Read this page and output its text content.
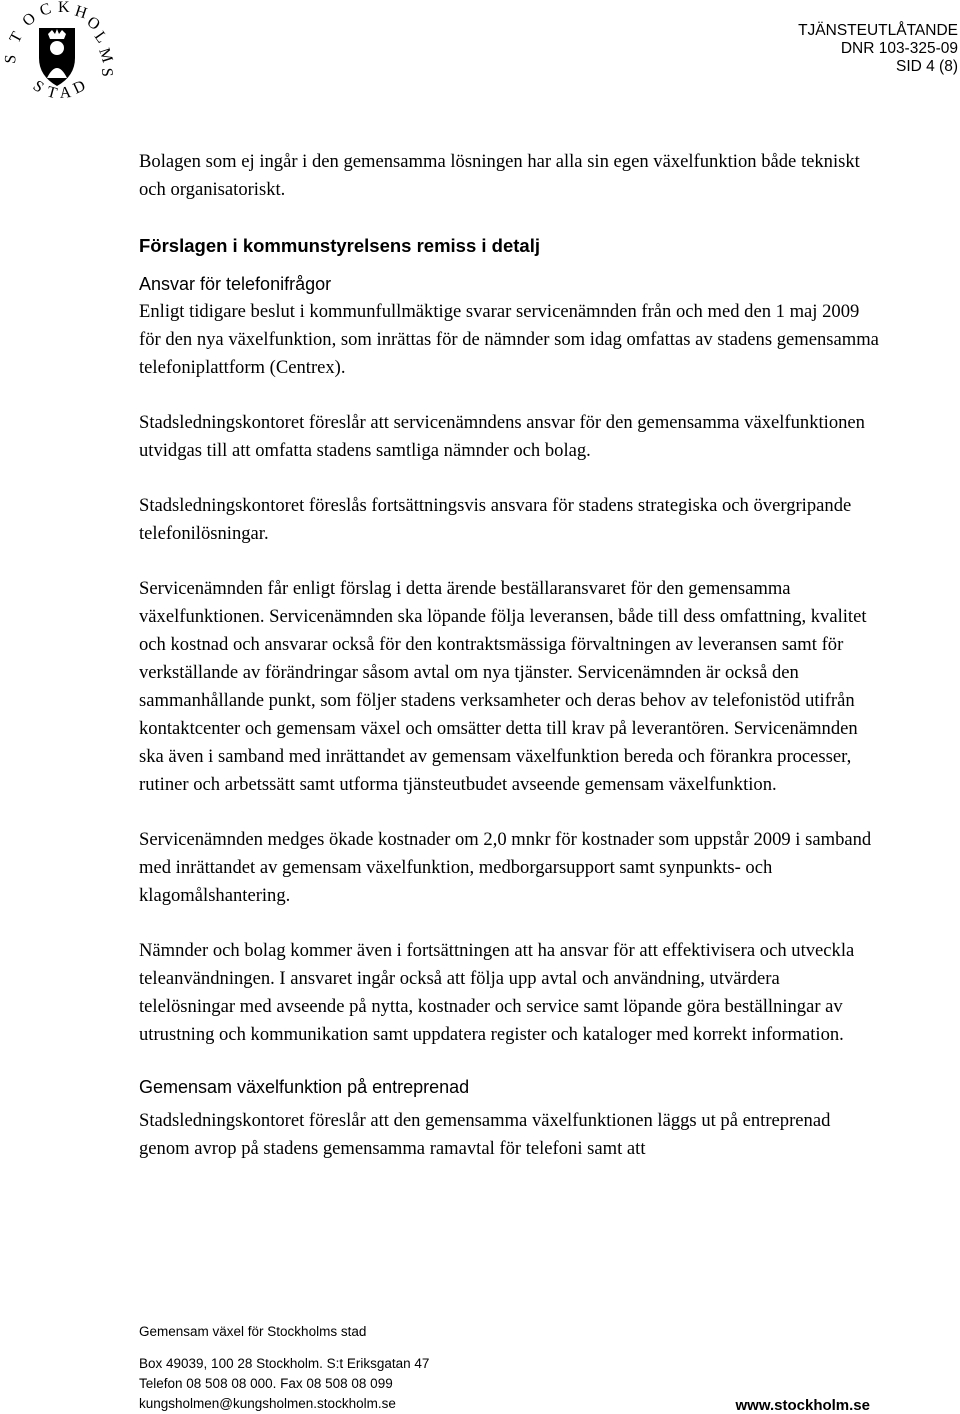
S
T
O
C K H
O
L
M
S
S
T A
D
TJÄNSTEUTLÅTANDE
DNR 103-325-09
SID 4 (8)

Bolagen som ej ingår i den gemensamma lösningen har alla sin egen växelfunktion både tekniskt och organisatoriskt.

Förslagen i kommunstyrelsens remiss i detalj

Ansvar för telefonifrågor

Enligt tidigare beslut i kommunfullmäktige svarar servicenämnden från och med den 1 maj 2009 för den nya växelfunktion, som inrättas för de nämnder som idag omfattas av stadens gemensamma telefoniplattform (Centrex).

Stadsledningskontoret föreslår att servicenämndens ansvar för den gemensamma växelfunktionen utvidgas till att omfatta stadens samtliga nämnder och bolag.

Stadsledningskontoret föreslås fortsättningsvis ansvara för stadens strategiska och övergripande telefonilösningar.

Servicenämnden får enligt förslag i detta ärende beställaransvaret för den gemensamma växelfunktionen. Servicenämnden ska löpande följa leveransen, både till dess omfattning, kvalitet och kostnad och ansvarar också för den kontraktsmässiga förvaltningen av leveransen samt för verkställande av förändringar såsom avtal om nya tjänster. Servicenämnden är också den sammanhållande punkt, som följer stadens verksamheter och deras behov av telefonistöd utifrån kontaktcenter och gemensam växel och omsätter detta till krav på leverantören. Servicenämnden ska även i samband med inrättandet av gemensam växelfunktion bereda och förankra processer, rutiner och arbetssätt samt utforma tjänsteutbudet avseende gemensam växelfunktion.

Servicenämnden medges ökade kostnader om 2,0 mnkr för kostnader som uppstår 2009 i samband med inrättandet av gemensam växelfunktion, medborgarsupport samt synpunkts- och klagomålshantering.

Nämnder och bolag kommer även i fortsättningen att ha ansvar för att effektivisera och utveckla teleanvändningen. I ansvaret ingår också att följa upp avtal och användning, utvärdera telelösningar med avseende på nytta, kostnader och service samt löpande göra beställningar av utrustning och kommunikation samt uppdatera register och kataloger med korrekt information.

Gemensam växelfunktion på entreprenad

Stadsledningskontoret föreslår att den gemensamma växelfunktionen läggs ut på entreprenad genom avrop på stadens gemensamma ramavtal för telefoni samt att

Gemensam växel för Stockholms stad
Box 49039, 100 28 Stockholm. S:t Eriksgatan 47
Telefon 08 508 08 000. Fax 08 508 08 099
kungsholmen@kungsholmen.stockholm.se	www.stockholm.se
